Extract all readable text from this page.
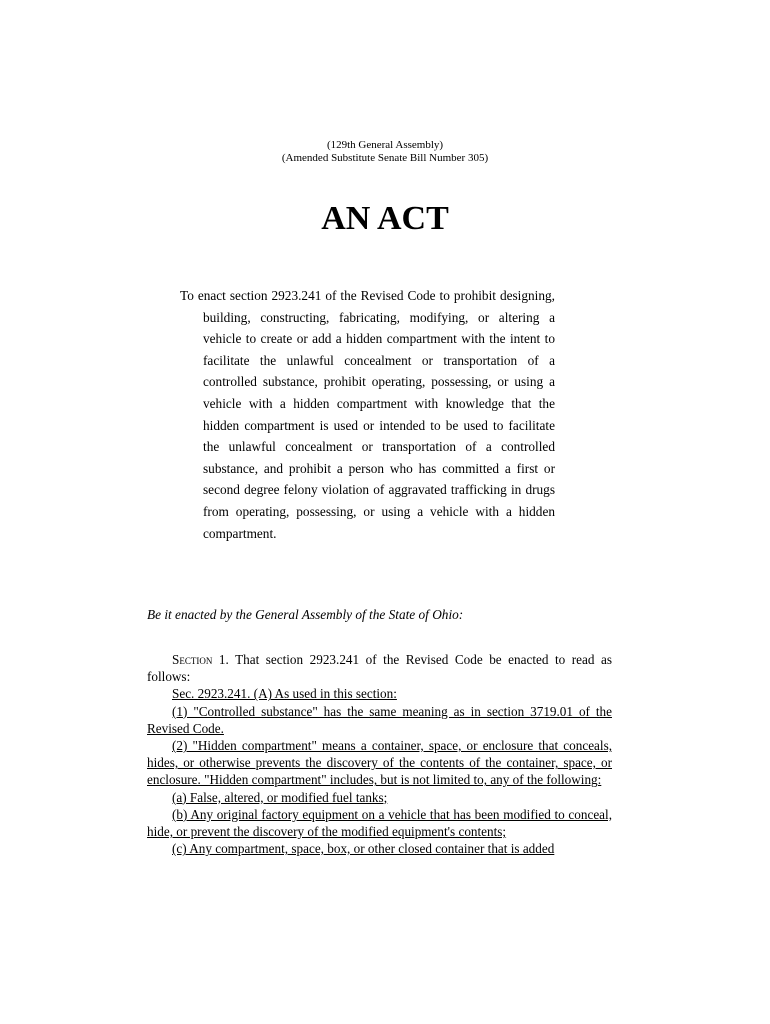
(129th General Assembly)
(Amended Substitute Senate Bill Number 305)
AN ACT
To enact section 2923.241 of the Revised Code to prohibit designing, building, constructing, fabricating, modifying, or altering a vehicle to create or add a hidden compartment with the intent to facilitate the unlawful concealment or transportation of a controlled substance, prohibit operating, possessing, or using a vehicle with a hidden compartment with knowledge that the hidden compartment is used or intended to be used to facilitate the unlawful concealment or transportation of a controlled substance, and prohibit a person who has committed a first or second degree felony violation of aggravated trafficking in drugs from operating, possessing, or using a vehicle with a hidden compartment.
Be it enacted by the General Assembly of the State of Ohio:

Section 1. That section 2923.241 of the Revised Code be enacted to read as follows:

Sec. 2923.241. (A) As used in this section:

(1) "Controlled substance" has the same meaning as in section 3719.01 of the Revised Code.

(2) "Hidden compartment" means a container, space, or enclosure that conceals, hides, or otherwise prevents the discovery of the contents of the container, space, or enclosure. "Hidden compartment" includes, but is not limited to, any of the following:

(a) False, altered, or modified fuel tanks;

(b) Any original factory equipment on a vehicle that has been modified to conceal, hide, or prevent the discovery of the modified equipment's contents;

(c) Any compartment, space, box, or other closed container that is added
